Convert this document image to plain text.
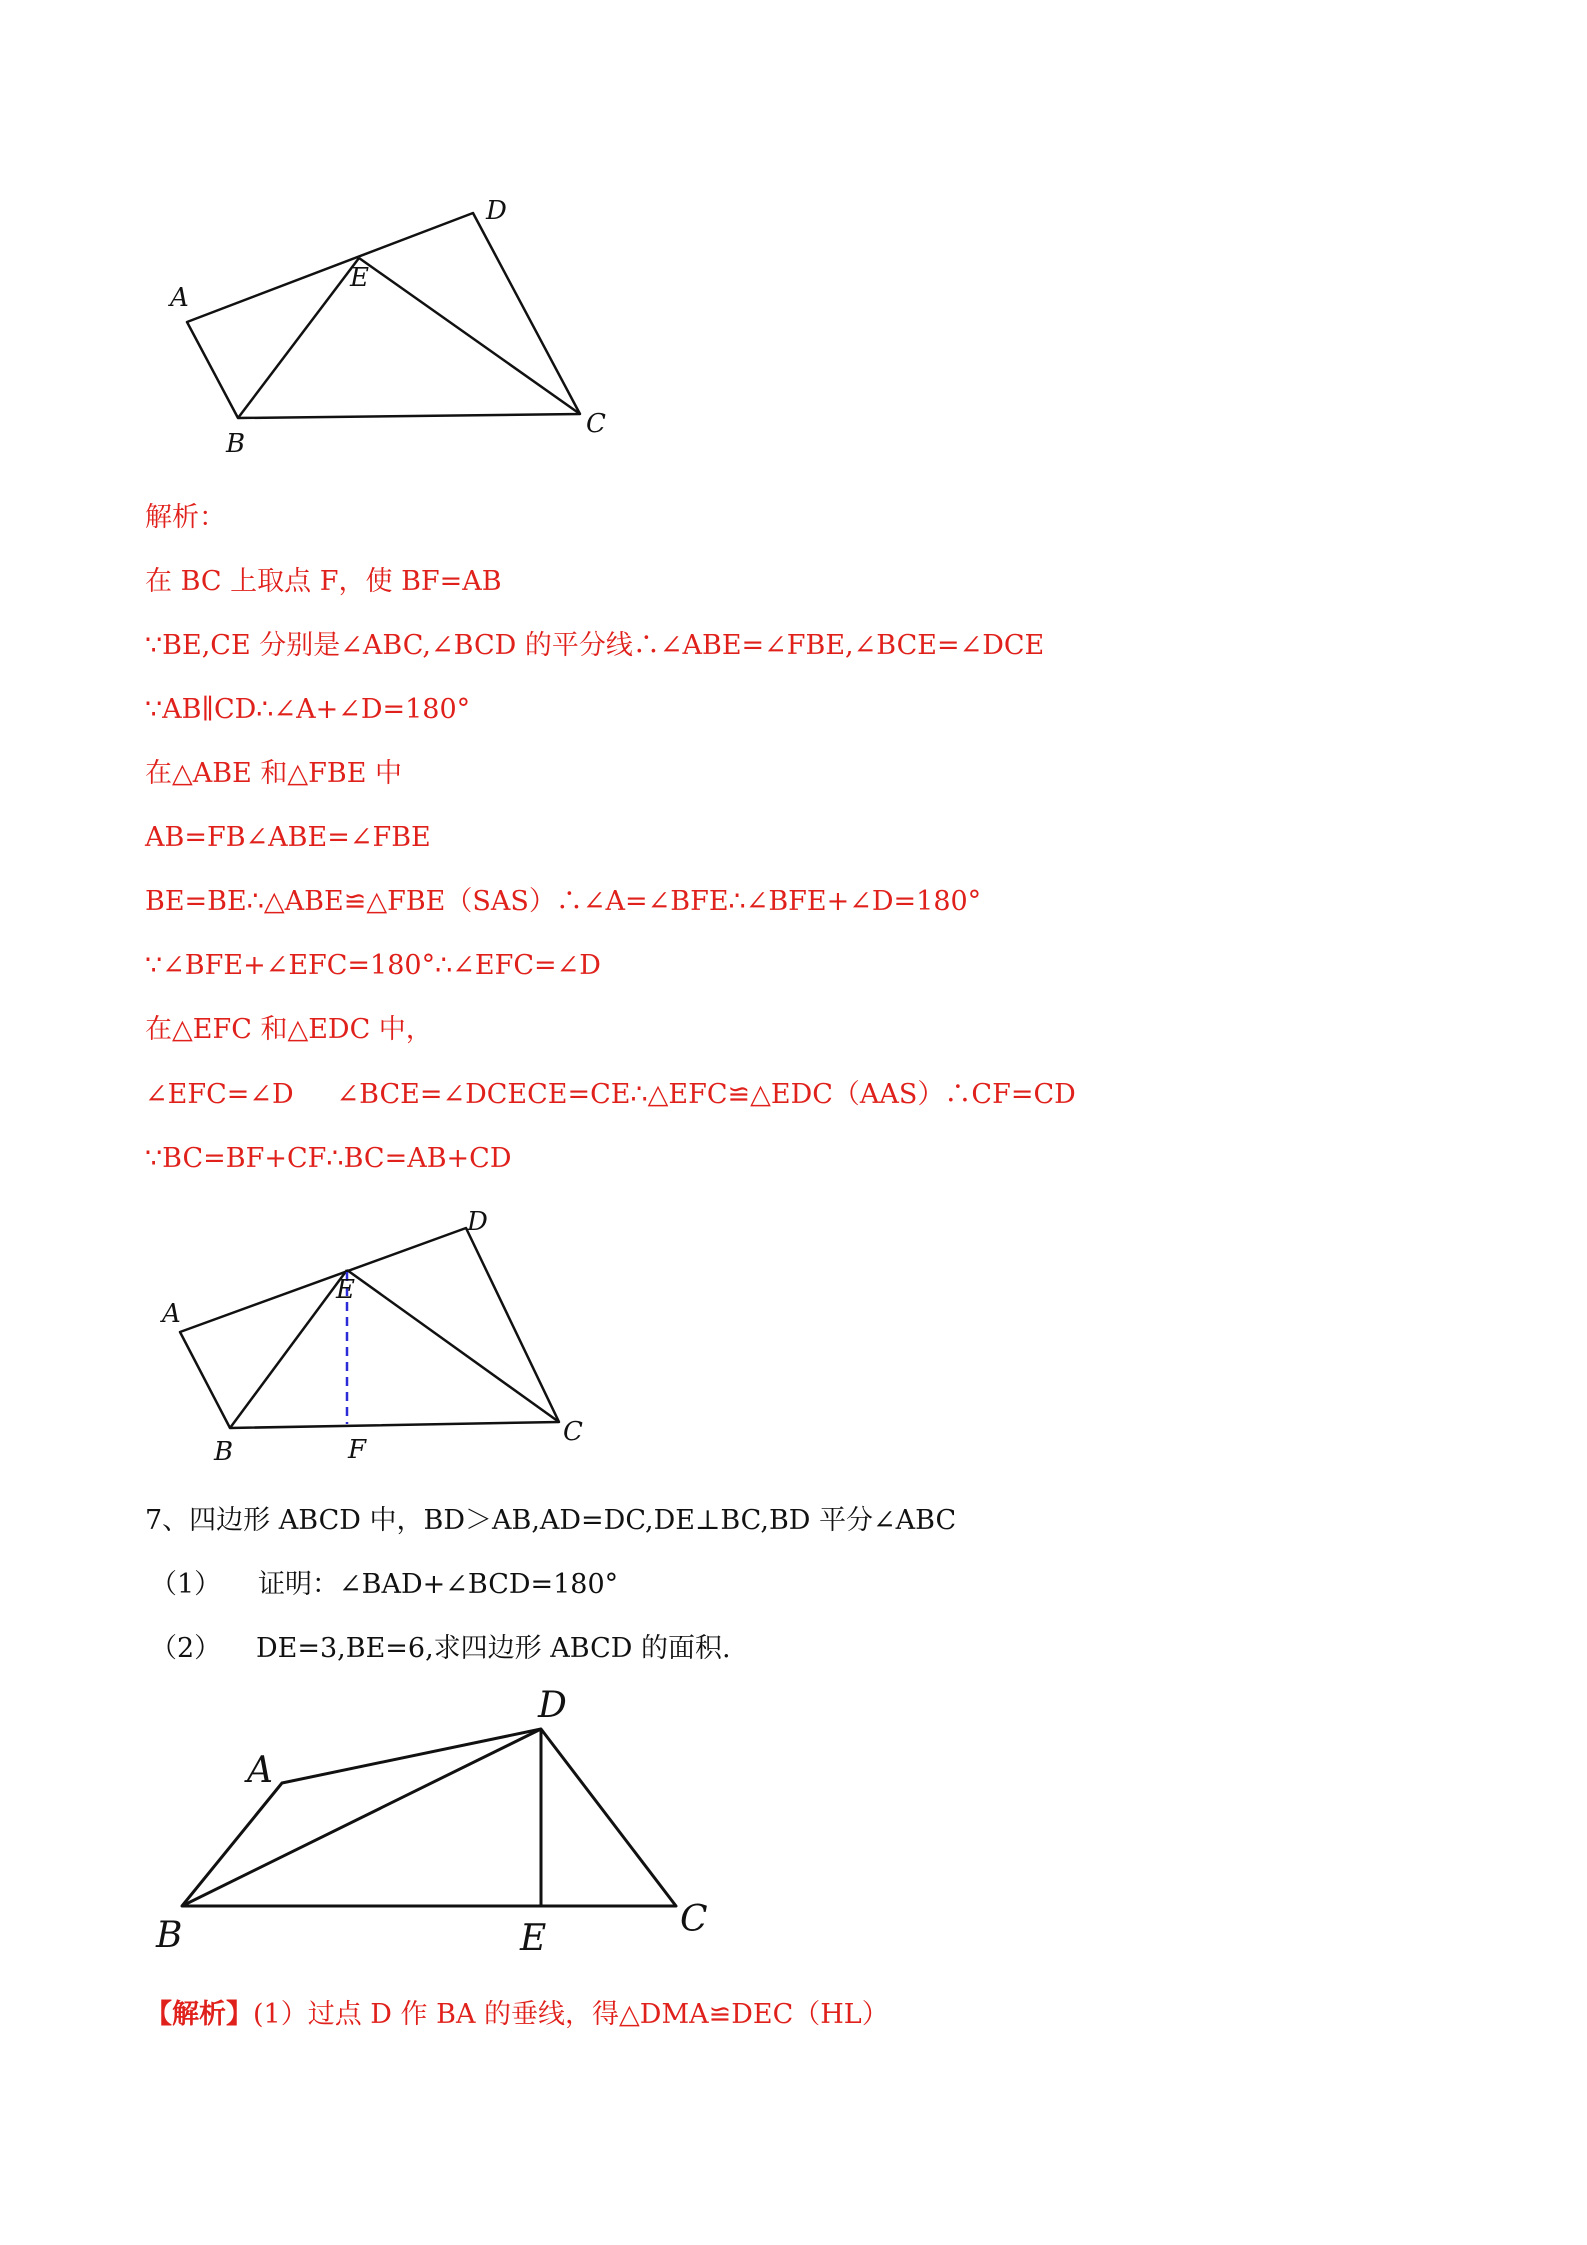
A
B
C
D
E
解析：
在 BC 上取点 F，使 BF=AB
∵BE,CE 分别是∠ABC,∠BCD 的平分线∴∠ABE=∠FBE,∠BCE=∠DCE
∵AB∥CD∴∠A+∠D=180°
在△ABE 和△FBE 中
AB=FB∠ABE=∠FBE
BE=BE∴△ABE≌△FBE（SAS）∴∠A=∠BFE∴∠BFE+∠D=180°
∵∠BFE+∠EFC=180°∴∠EFC=∠D
在△EFC 和△EDC 中，
∠EFC=∠D     ∠BCE=∠DCECE=CE∴△EFC≌△EDC（AAS）∴CF=CD
∵BC=BF+CF∴BC=AB+CD
A
B
C
D
E
F
7、四边形 ABCD 中，BD＞AB,AD=DC,DE⊥BC,BD 平分∠ABC
（1） 证明：∠BAD+∠BCD=180°
（2） DE=3,BE=6,求四边形 ABCD 的面积.
A
B	C
D
E
【解析】(1）过点 D 作 BA 的垂线，得△DMA≌DEC（HL）
